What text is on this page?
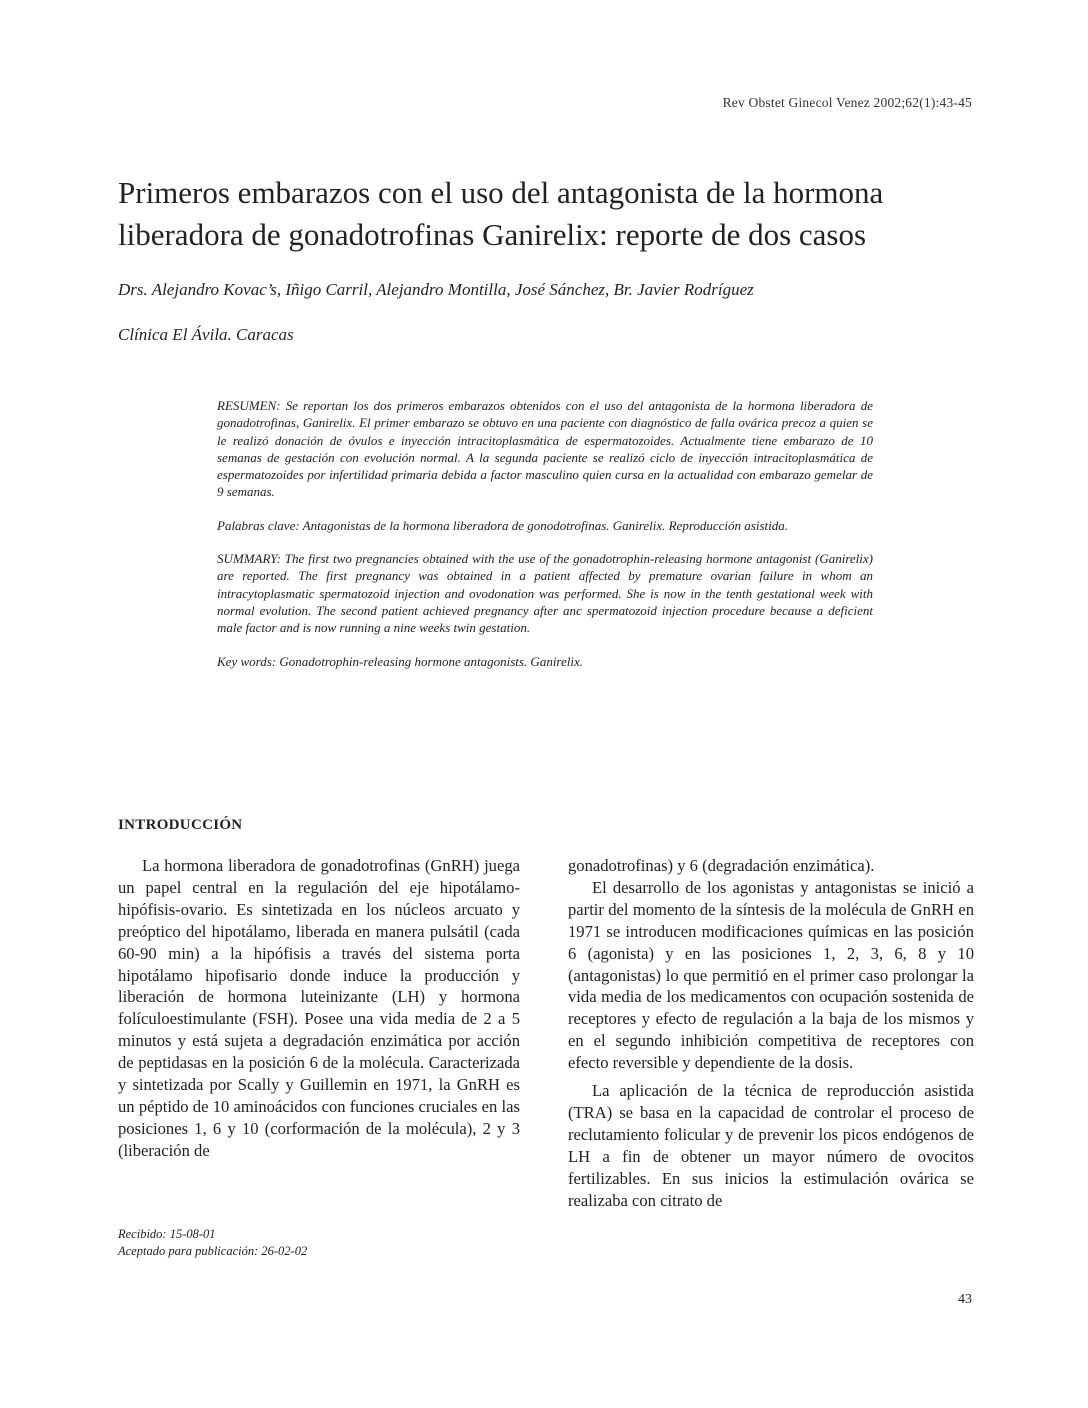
Rev Obstet Ginecol Venez 2002;62(1):43-45
Primeros embarazos con el uso del antagonista de la hormona liberadora de gonadotrofinas Ganirelix: reporte de dos casos
Drs. Alejandro Kovac’s, Iñigo Carril, Alejandro Montilla, José Sánchez, Br. Javier Rodríguez
Clínica El Ávila. Caracas

RESUMEN: Se reportan los dos primeros embarazos obtenidos con el uso del antagonista de la hormona liberadora de gonadotrofinas, Ganirelix. El primer embarazo se obtuvo en una paciente con diagnóstico de falla ovárica precoz a quien se le realizó donación de óvulos e inyección intracitoplasmática de espermatozoides. Actualmente tiene embarazo de 10 semanas de gestación con evolución normal. A la segunda paciente se realizó ciclo de inyección intracitoplasmática de espermatozoides por infertilidad primaria debida a factor masculino quien cursa en la actualidad con embarazo gemelar de 9 semanas.

Palabras clave: Antagonistas de la hormona liberadora de gonodotrofinas. Ganirelix. Reproducción asistida.

SUMMARY: The first two pregnancies obtained with the use of the gonadotrophin-releasing hormone antagonist (Ganirelix) are reported. The first pregnancy was obtained in a patient affected by premature ovarian failure in whom an intracytoplasmatic spermatozoid injection and ovodonation was performed. She is now in the tenth gestational week with normal evolution. The second patient achieved pregnancy after anc spermatozoid injection procedure because a deficient male factor and is now running a nine weeks twin gestation.

Key words: Gonadotrophin-releasing hormone antagonists. Ganirelix.

INTRODUCCIÓN

La hormona liberadora de gonadotrofinas (GnRH) juega un papel central en la regulación del eje hipotálamo-hipófisis-ovario. Es sintetizada en los núcleos arcuato y preóptico del hipotálamo, liberada en manera pulsátil (cada 60-90 min) a la hipófisis a través del sistema porta hipotálamo hipofisario donde induce la producción y liberación de hormona luteinizante (LH) y hormona folículoestimulante (FSH). Posee una vida media de 2 a 5 minutos y está sujeta a degradación enzimática por acción de peptidasas en la posición 6 de la molécula. Caracterizada y sintetizada por Scally y Guillemin en 1971, la GnRH es un péptido de 10 aminoácidos con funciones cruciales en las posiciones 1, 6 y 10 (corformación de la molécula), 2 y 3 (liberación de

gonadotrofinas) y 6 (degradación enzimática).

El desarrollo de los agonistas y antagonistas se inició a partir del momento de la síntesis de la molécula de GnRH en 1971 se introducen modificaciones químicas en las posición 6 (agonista) y en las posiciones 1, 2, 3, 6, 8 y 10 (antagonistas) lo que permitió en el primer caso prolongar la vida media de los medicamentos con ocupación sostenida de receptores y efecto de regulación a la baja de los mismos y en el segundo inhibición competitiva de receptores con efecto reversible y dependiente de la dosis.

La aplicación de la técnica de reproducción asistida (TRA) se basa en la capacidad de controlar el proceso de reclutamiento folicular y de prevenir los picos endógenos de LH a fin de obtener un mayor número de ovocitos fertilizables. En sus inicios la estimulación ovárica se realizaba con citrato de

Recibido: 15-08-01
Aceptado para publicación: 26-02-02
43
